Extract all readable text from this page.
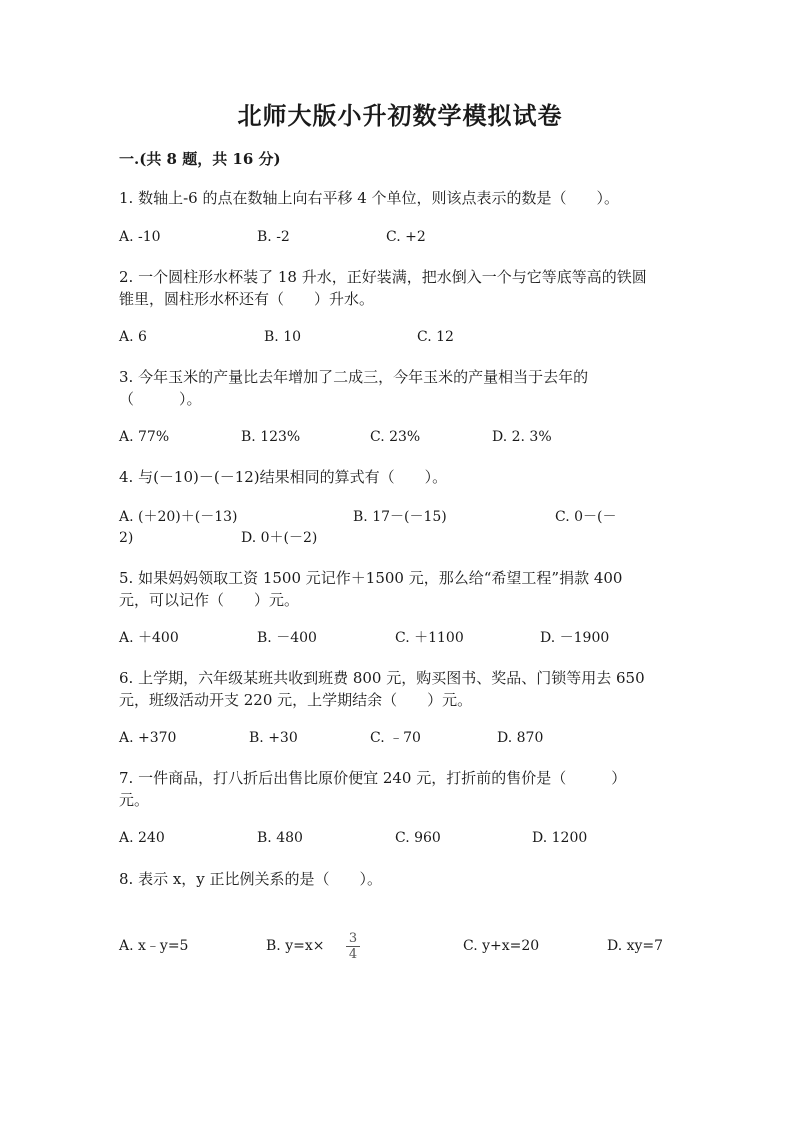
北师大版小升初数学模拟试卷
一.(共 8 题，共 16 分)
1. 数轴上-6 的点在数轴上向右平移 4 个单位，则该点表示的数是（　　）。
A. -10	B. -2	C. +2
2. 一个圆柱形水杯装了 18 升水，正好装满，把水倒入一个与它等底等高的铁圆
锥里，圆柱形水杯还有（　　）升水。
A. 6	B. 10	C. 12
3. 今年玉米的产量比去年增加了二成三，今年玉米的产量相当于去年的
（　　　）。
A. 77%	B. 123%	C. 23%	D. 2. 3%
4. 与(－10)－(－12)结果相同的算式有（　　）。
A. (＋20)＋(－13)	B. 17－(－15)	C. 0－(－
2)	D. 0＋(－2)
5. 如果妈妈领取工资 1500 元记作＋1500 元，那么给“希望工程”捐款 400
元，可以记作（　　）元。
A. ＋400	B. －400	C. ＋1100	D. －1900
6. 上学期，六年级某班共收到班费 800 元，购买图书、奖品、门锁等用去 650
元，班级活动开支 220 元，上学期结余（　　）元。
A. +370	B. +30	C. ﹣70	D. 870
7. 一件商品，打八折后出售比原价便宜 240 元，打折前的售价是（　　　）
元。
A. 240	B. 480	C. 960	D. 1200
8. 表示 x，y 正比例关系的是（　　）。
A. x﹣y=5	B. $y=x\times \frac{3}{4}$	C. y+x=20	D. xy=7
